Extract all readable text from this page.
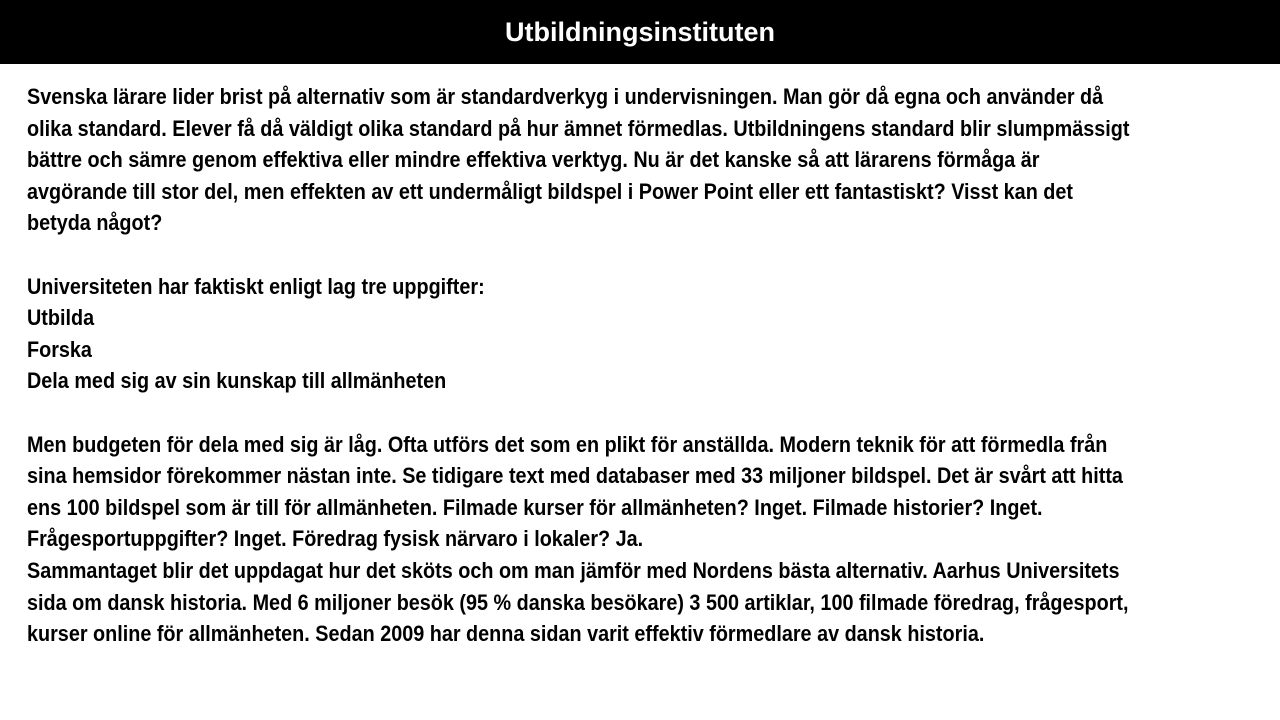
Utbildningsinstituten
Svenska lärare lider brist på alternativ som är standardverkyg i undervisningen. Man gör då egna och använder då
olika standard. Elever få då väldigt olika standard på hur ämnet förmedlas. Utbildningens standard blir slumpmässigt
bättre och sämre genom effektiva eller mindre effektiva verktyg. Nu är det kanske så att lärarens förmåga är
avgörande till stor del, men effekten av ett undermåligt bildspel i Power Point eller ett fantastiskt? Visst kan det
betyda något?
Universiteten har faktiskt enligt lag tre uppgifter:
Utbilda
Forska
Dela med sig av sin kunskap till allmänheten
Men budgeten för dela med sig är låg. Ofta utförs det som en plikt för anställda. Modern teknik för att förmedla från
sina hemsidor förekommer nästan inte. Se tidigare text med databaser med 33 miljoner bildspel. Det är svårt att hitta
ens 100 bildspel som är till för allmänheten. Filmade kurser för allmänheten? Inget. Filmade historier? Inget.
Frågesportuppgifter? Inget. Föredrag fysisk närvaro i lokaler? Ja.
Sammantaget blir det uppdagat hur det sköts och om man jämför med Nordens bästa alternativ. Aarhus Universitets
sida om dansk historia. Med 6 miljoner besök (95 % danska besökare) 3 500 artiklar, 100 filmade föredrag, frågesport,
kurser online för allmänheten. Sedan 2009 har denna sidan varit effektiv förmedlare av dansk historia.
